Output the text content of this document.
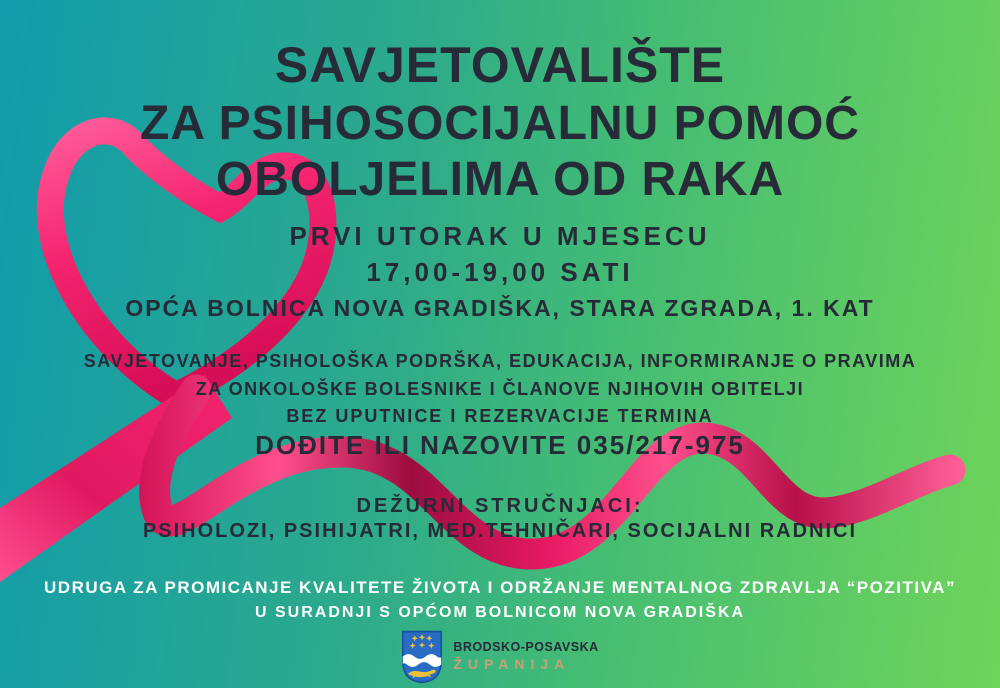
SAVJETOVALIŠTE
ZA PSIHOSOCIJALNU POMOĆ
OBOLJELIMA OD RAKA
PRVI UTORAK U MJESECU
17,00-19,00 SATI
OPĆA BOLNICA NOVA GRADIŠKA, STARA ZGRADA, 1. KAT
SAVJETOVANJE, PSIHOLOŠKA PODRŠKA, EDUKACIJA, INFORMIRANJE O PRAVIMA
ZA ONKOLOŠKE BOLESNIKE I ČLANOVE NJIHOVIH OBITELJI
BEZ UPUTNICE I REZERVACIJE TERMINA
DOĐITE ILI NAZOVITE 035/217-975
DEŽURNI STRUČNJACI:
PSIHOLOZI, PSIHIJATRI, MED.TEHNIČARI, SOCIJALNI RADNICI
UDRUGA ZA PROMICANJE KVALITETE ŽIVOTA I ODRŽANJE MENTALNOG ZDRAVLJA “POZITIVA”
U SURADNJI S OPĆOM BOLNICOM NOVA GRADIŠKA
BRODSKO-POSAVSKA
ŽUPANIJA
